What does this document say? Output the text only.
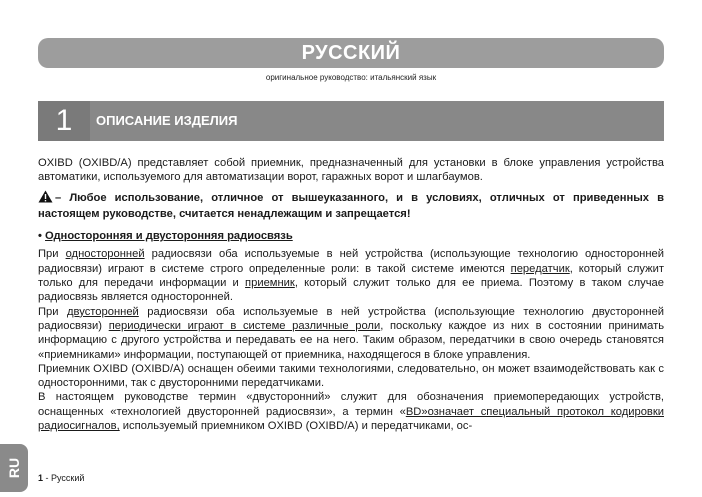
РУССКИЙ
оригинальное руководство: итальянский язык
1 ОПИСАНИЕ ИЗДЕЛИЯ

OXIBD (OXIBD/A) представляет собой приемник, предназначенный для установки в блоке управления устройства автоматики, используемого для автоматизации ворот, гаражных ворот и шлагбаумов.

– Любое использование, отличное от вышеуказанного, и в условиях, отличных от приведенных в настоящем руководстве, считается ненадлежащим и запрещается!

• Односторонняя и двусторонняя радиосвязь

При односторонней радиосвязи оба используемые в ней устройства (использующие технологию односторонней радиосвязи) играют в системе строго определенные роли: в такой системе имеются передатчик, который служит только для передачи информации и приемник, который служит только для ее приема. Поэтому в таком случае радиосвязь является односторонней.

При двусторонней радиосвязи оба используемые в ней устройства (использующие технологию двусторонней радиосвязи) периодически играют в системе различные роли, поскольку каждое из них в состоянии принимать информацию с другого устройства и передавать ее на него. Таким образом, передатчики в свою очередь становятся «приемниками» информации, поступающей от приемника, находящегося в блоке управления.

Приемник OXIBD (OXIBD/A) оснащен обеими такими технологиями, следовательно, он может взаимодействовать как с односторонними, так с двусторонними передатчиками.

В настоящем руководстве термин «двусторонний» служит для обозначения приемопередающих устройств, оснащенных «технологией двусторонней радиосвязи», а термин «BD»означает специальный протокол кодировки радиосигналов, используемый приемником OXIBD (OXIBD/A) и передатчиками, ос-

RU 1 - Русский
